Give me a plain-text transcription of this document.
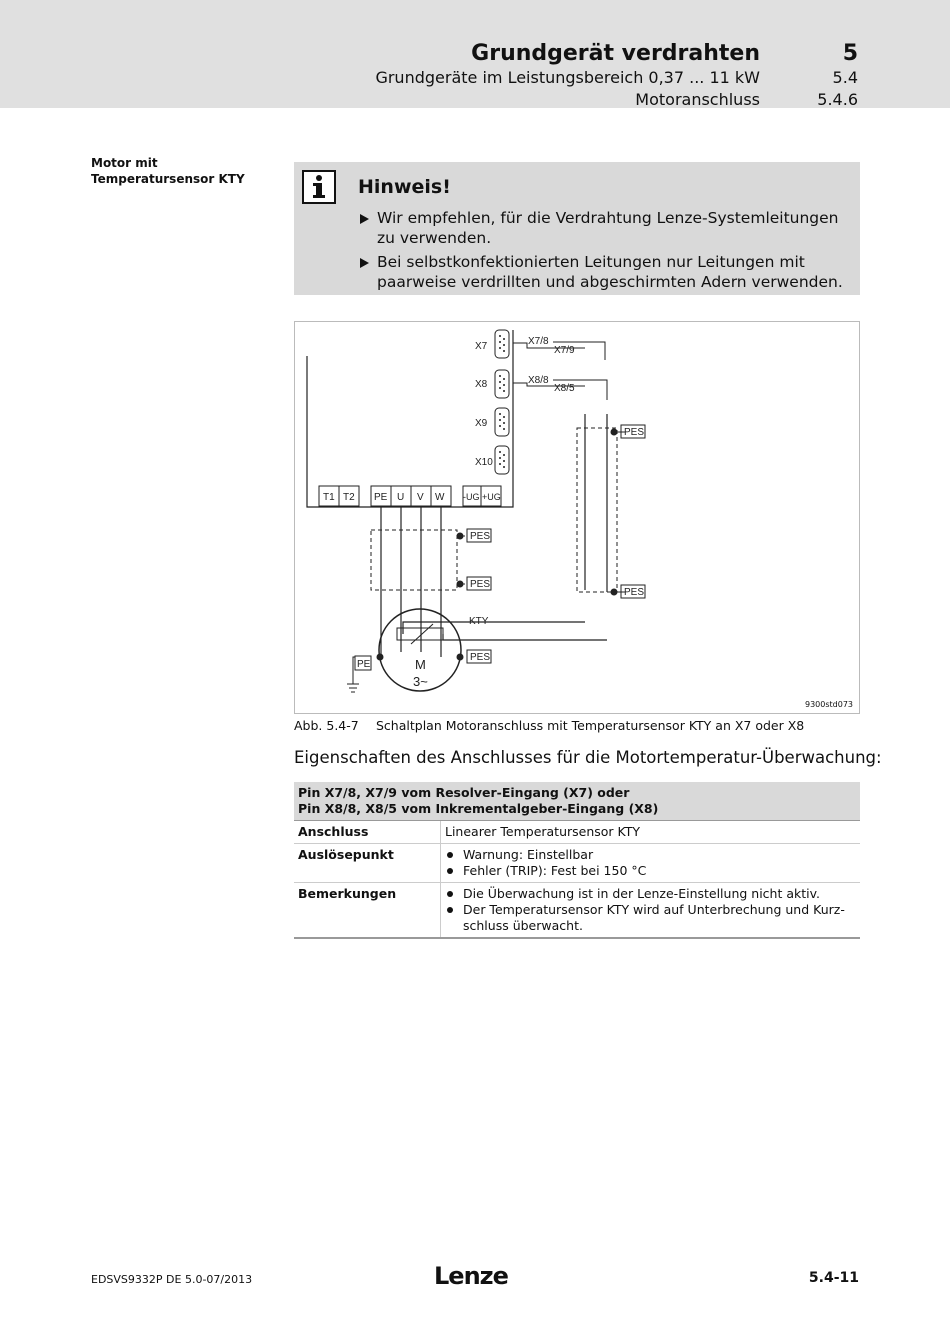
Grundgerät verdrahten	5
Grundgeräte im Leistungsbereich 0,37 ... 11 kW	5.4
Motoranschluss	5.4.6
Motor mit Temperatursensor KTY	Hinweis!
Wir empfehlen, für die Verdrahtung Lenze-Systemleitungen zu verwenden.
Bei selbstkonfektionierten Leitungen nur Leitungen mit paarweise verdrillten und abgeschirmten Adern verwenden.
X7
X8
X9
X10
X7/8
X7/9
X8/8
X8/5
T1 T2 PE U V W -UG +UG
PES
PES
PES
PES
PES
KTY
M
3~
PE
9300std073
Abb. 5.4-7 Schaltplan Motoranschluss mit Temperatursensor KTY an X7 oder X8
Eigenschaften des Anschlusses für die Motortemperatur-Überwachung:
Pin X7/8, X7/9 vom Resolver-Eingang (X7) oder
Pin X8/8, X8/5 vom Inkrementalgeber-Eingang (X8)
Anschluss	Linearer Temperatursensor KTY
Auslösepunkt	Warnung: Einstellbar
Fehler (TRIP): Fest bei 150 °C
Bemerkungen	Die Überwachung ist in der Lenze-Einstellung nicht aktiv.
Der Temperatursensor KTY wird auf Unterbrechung und Kurz-schluss überwacht.
EDSVS9332P DE 5.0-07/2013	Lenze	5.4-11
